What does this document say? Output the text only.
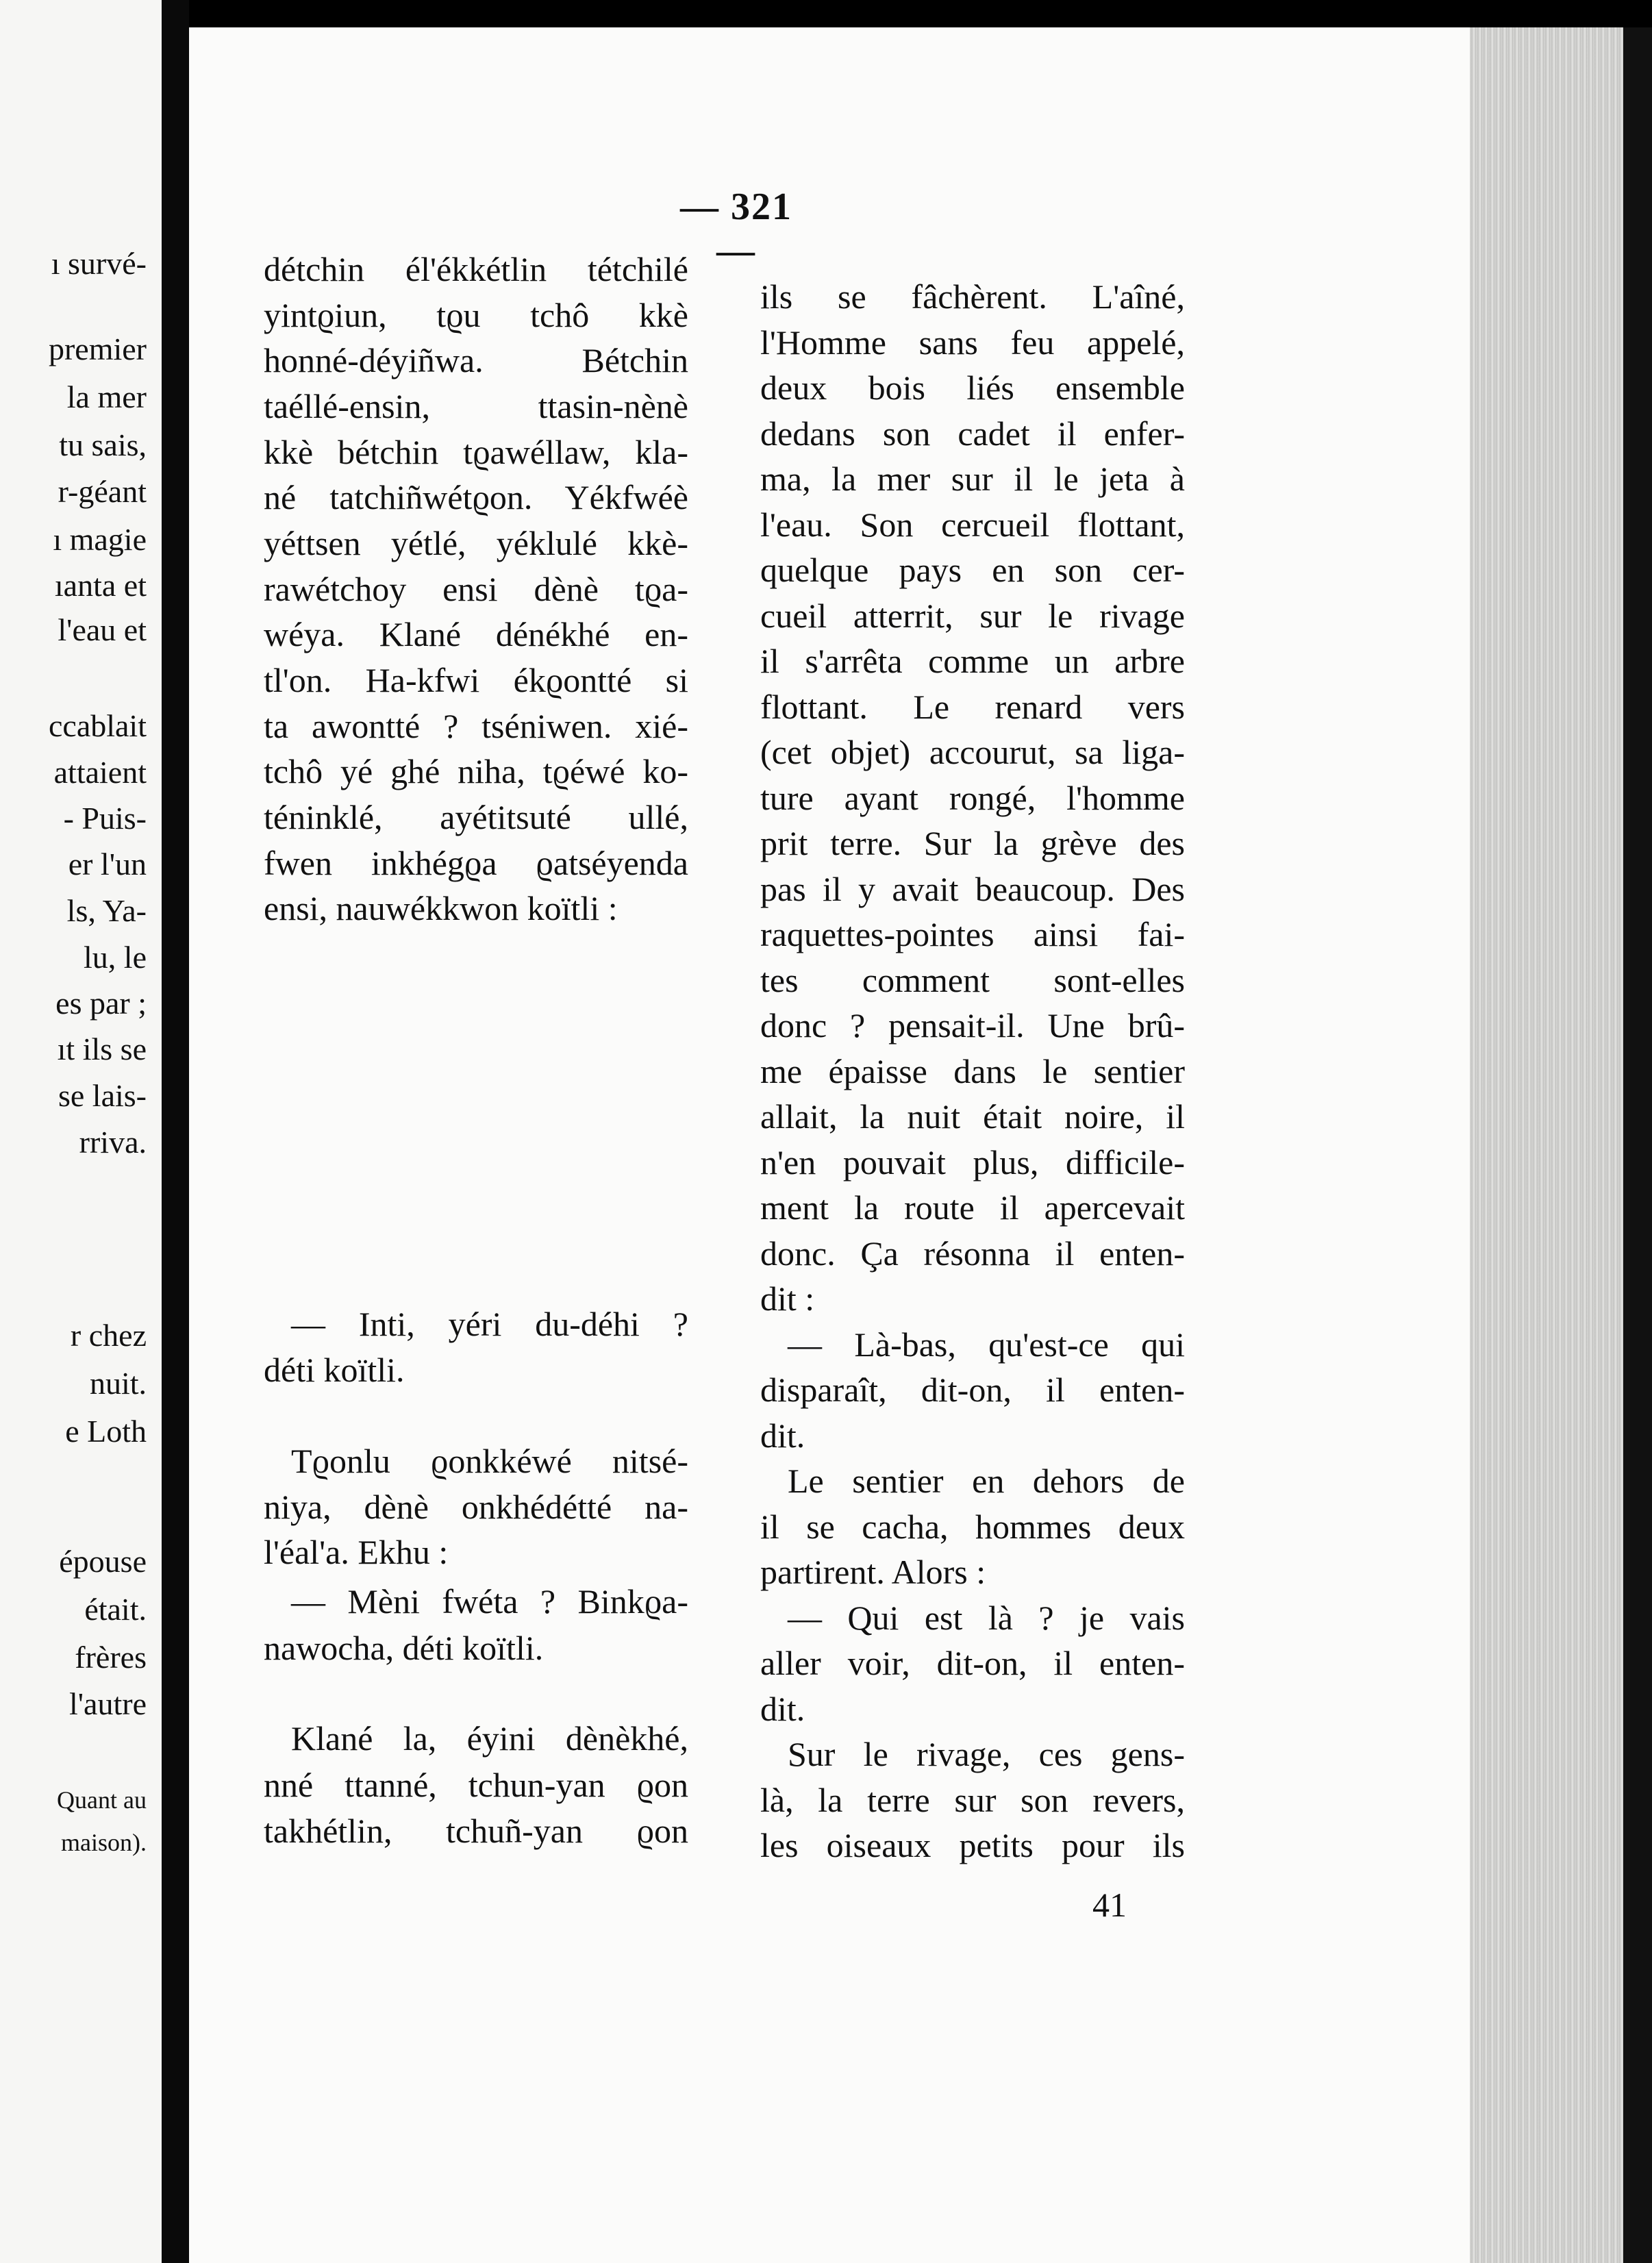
ı survé-
premier
la mer
tu sais,
r-géant
ı magie
ıanta et
l'eau et
ccablait
attaient
- Puis-
er l'un
ls, Ya-
lu, le
es par ;
ıt ils se
se lais-
rriva.
r chez
nuit.
e Loth
épouse
était.
frères
l'autre
Quant au
maison).
— 321 —
détchin él'ékkétlin tétchilé
yintϱiun, tϱu tchô kkè
honné-déyiñwa. Bétchin
taéllé-ensin, ttasin-nènè
kkè bétchin tϱawéllaw, kla-
né tatchiñwétϱon. Yékfwéè
yéttsen yétlé, yéklulé kkè-
rawétchoy ensi dènè tϱa-
wéya. Klané dénékhé en-
tl'on. Ha-kfwi ékϱontté si
ta awontté ? tséniwen. xié-
tchô yé ghé niha, tϱéwé ko-
téninklé, ayétitsuté ullé,
fwen inkhégϱa ϱatséyenda
ensi, nauwékkwon koïtli :
— Inti, yéri du-déhi ?
déti koïtli.
Tϱonlu ϱonkkéwé nitsé-
niya, dènè onkhédétté na-
l'éal'a. Ekhu :
— Mèni fwéta ? Binkϱa-
nawocha, déti koïtli.
Klané la, éyini dènèkhé,
nné ttanné, tchun-yan ϱon
takhétlin, tchuñ-yan ϱon
ils se fâchèrent. L'aîné,
l'Homme sans feu appelé,
deux bois liés ensemble
dedans son cadet il enfer-
ma, la mer sur il le jeta à
l'eau. Son cercueil flottant,
quelque pays en son cer-
cueil atterrit, sur le rivage
il s'arrêta comme un arbre
flottant. Le renard vers
(cet objet) accourut, sa liga-
ture ayant rongé, l'homme
prit terre. Sur la grève des
pas il y avait beaucoup. Des
raquettes-pointes ainsi fai-
tes comment sont-elles
donc ? pensait-il. Une brû-
me épaisse dans le sentier
allait, la nuit était noire, il
n'en pouvait plus, difficile-
ment la route il apercevait
donc. Ça résonna il enten-
dit :
— Là-bas, qu'est-ce qui
disparaît, dit-on, il enten-
dit.
Le sentier en dehors de
il se cacha, hommes deux
partirent. Alors :
— Qui est là ? je vais
aller voir, dit-on, il enten-
dit.
Sur le rivage, ces gens-
là, la terre sur son revers,
les oiseaux petits pour ils
41
